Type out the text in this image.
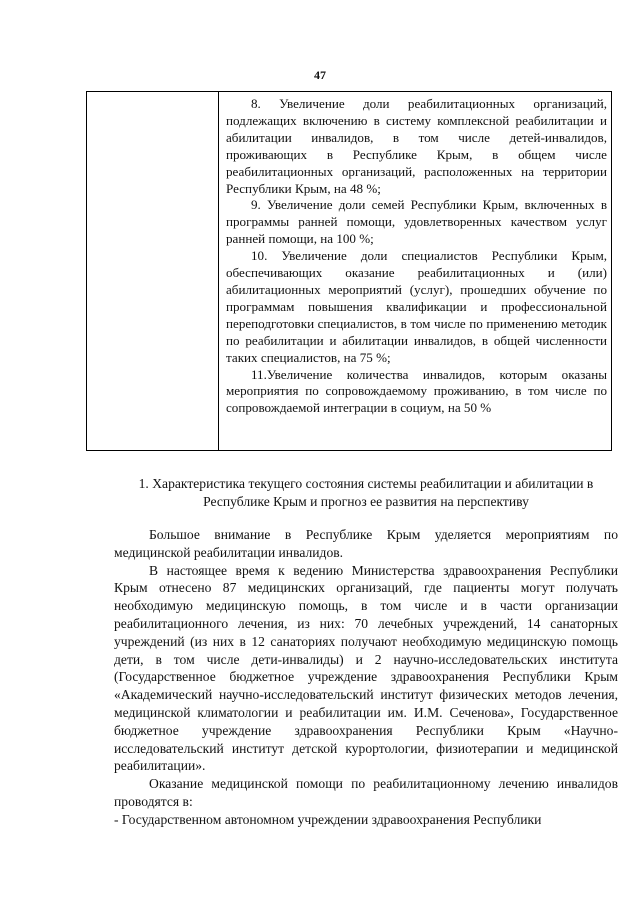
47

8. Увеличение доли реабилитационных организаций, подлежащих включению в систему комплексной реабилитации и абилитации инвалидов, в том числе детей-инвалидов, проживающих в Республике Крым, в общем числе реабилитационных организаций, расположенных на территории Республики Крым, на 48 %;

9. Увеличение доли семей Республики Крым, включенных в программы ранней помощи, удовлетворенных качеством услуг ранней помощи, на 100 %;

10. Увеличение доли специалистов Республики Крым, обеспечивающих оказание реабилитационных и (или) абилитационных мероприятий (услуг), прошедших обучение по программам повышения квалификации и профессиональной переподготовки специалистов, в том числе по применению методик по реабилитации и абилитации инвалидов, в общей численности таких специалистов, на 75 %;

11.Увеличение количества инвалидов, которым оказаны мероприятия по сопровождаемому проживанию, в том числе по сопровождаемой интеграции в социум, на 50 %

1. Характеристика текущего состояния системы реабилитации и абилитации в Республике Крым и прогноз ее развития на перспективу

Большое внимание в Республике Крым уделяется мероприятиям по медицинской реабилитации инвалидов.

В настоящее время к ведению Министерства здравоохранения Республики Крым отнесено 87 медицинских организаций, где пациенты могут получать необходимую медицинскую помощь, в том числе и в части организации реабилитационного лечения, из них: 70 лечебных учреждений, 14 санаторных учреждений (из них в 12 санаториях получают необходимую медицинскую помощь дети, в том числе дети-инвалиды) и 2 научно-исследовательских института (Государственное бюджетное учреждение здравоохранения Республики Крым «Академический научно-исследовательский институт физических методов лечения, медицинской климатологии и реабилитации им. И.М. Сеченова», Государственное бюджетное учреждение здравоохранения Республики Крым «Научно-исследовательский институт детской курортологии, физиотерапии и медицинской реабилитации».

Оказание медицинской помощи по реабилитационному лечению инвалидов проводятся в:

- Государственном автономном учреждении здравоохранения Республики
